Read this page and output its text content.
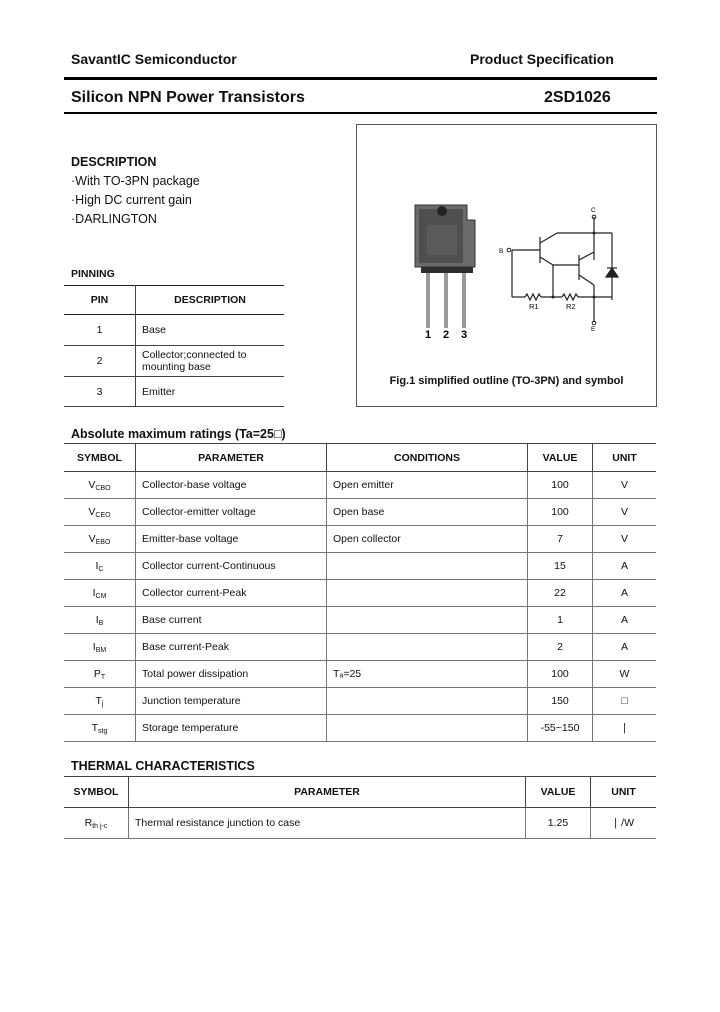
SavantIC Semiconductor	Product Specification
Silicon NPN Power Transistors	2SD1026
DESCRIPTION
·With TO-3PN package
·High DC current gain
·DARLINGTON
PINNING
PIN	DESCRIPTION
1	Base
2	Collector;connected to mounting base
3	Emitter
1 2 3
C
B
E
R1	R2
Fig.1 simplified outline (TO-3PN) and symbol
Absolute maximum ratings (Ta=25□)
SYMBOL	PARAMETER	CONDITIONS	VALUE	UNIT
$V_{CBO}$	Collector-base voltage	Open emitter	100	V
$V_{CEO}$	Collector-emitter voltage	Open base	100	V
$V_{EBO}$	Emitter-base voltage	Open collector	7	V
$I_C$	Collector current-Continuous		15	A
$I_{CM}$	Collector current-Peak		22	A
$I_B$	Base current		1	A
$I_{BM}$	Base current-Peak		2	A
$P_T$	Total power dissipation	Tₐ=25  	100	W
$T_j$	Junction temperature		150	□
$T_{stg}$	Storage temperature		-55~150	∣
THERMAL CHARACTERISTICS
SYMBOL	PARAMETER	VALUE	UNIT
$R_{th j-c}$	Thermal resistance junction to case	1.25	∣ /W
